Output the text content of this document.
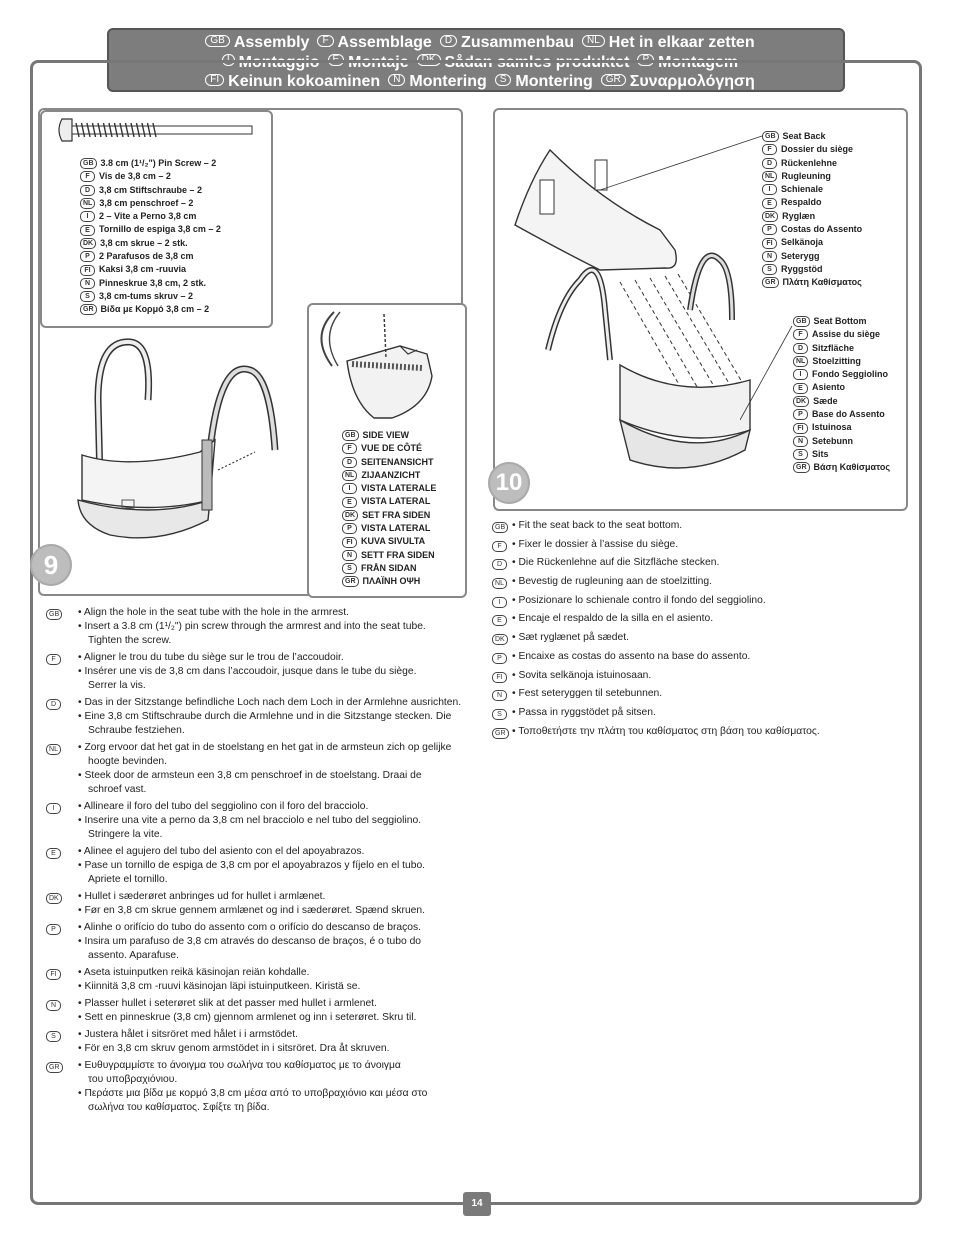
GB Assembly F Assemblage D Zusammenbau NL Het in elkaar zetten
I Montaggio E Montaje DK Sådan samles produktet P Montagem
FI Keinun kokoaminen N Montering S Montering GR Συναρμολόγηση
GB 3.8 cm (1¹/₂") Pin Screw – 2
F Vis de 3,8 cm – 2
D 3,8 cm Stiftschraube – 2
NL 3,8 cm penschroef – 2
I 2 – Vite a Perno 3,8 cm
E Tornillo de espiga 3,8 cm – 2
DK 3,8 cm skrue – 2 stk.
P 2 Parafusos de 3,8 cm
FI Kaksi 3,8 cm -ruuvia
N Pinneskrue 3,8 cm, 2 stk.
S 3,8 cm-tums skruv – 2
GR Βίδα με Κορμό 3,8 cm – 2
GB SIDE VIEW
F VUE DE CÔTÉ
D SEITENANSICHT
NL ZIJAANZICHT
I VISTA LATERALE
E VISTA LATERAL
DK SET FRA SIDEN
P VISTA LATERAL
FI KUVA SIVULTA
N SETT FRA SIDEN
S FRÅN SIDAN
GR ΠΛΑΪΝΗ ΟΨΗ
9
GB • Align the hole in the seat tube with the hole in the armrest.
• Insert a 3.8 cm (1¹/₂") pin screw through the armrest and into the seat tube.
Tighten the screw.
F	• Aligner le trou du tube du siège sur le trou de l’accoudoir.
• Insérer une vis de 3,8 cm dans l’accoudoir, jusque dans le tube du siège.
Serrer la vis.
D	• Das in der Sitzstange befindliche Loch nach dem Loch in der Armlehne ausrichten.
• Eine 3,8 cm Stiftschraube durch die Armlehne und in die Sitzstange stecken. Die
Schraube festziehen.
NL • Zorg ervoor dat het gat in de stoelstang en het gat in de armsteun zich op gelijke
hoogte bevinden.
• Steek door de armsteun een 3,8 cm penschroef in de stoelstang. Draai de
schroef vast.
I	• Allineare il foro del tubo del seggiolino con il foro del bracciolo.
• Inserire una vite a perno da 3,8 cm nel bracciolo e nel tubo del seggiolino.
Stringere la vite.
E	• Alinee el agujero del tubo del asiento con el del apoyabrazos.
• Pase un tornillo de espiga de 3,8 cm por el apoyabrazos y fíjelo en el tubo.
Apriete el tornillo.
DK • Hullet i sæderøret anbringes ud for hullet i armlænet.
• Før en 3,8 cm skrue gennem armlænet og ind i sæderøret. Spænd skruen.
P	• Alinhe o orifício do tubo do assento com o orifício do descanso de braços.
• Insira um parafuso de 3,8 cm através do descanso de braços, é o tubo do
assento. Aparafuse.
FI	• Aseta istuinputken reikä käsinojan reiän kohdalle.
• Kiinnitä 3,8 cm -ruuvi käsinojan läpi istuinputkeen. Kiristä se.
N	• Plasser hullet i seterøret slik at det passer med hullet i armlenet.
• Sett en pinneskrue (3,8 cm) gjennom armlenet og inn i seterøret. Skru til.
S	• Justera hålet i sitsröret med hålet i i armstödet.
• För en 3,8 cm skruv genom armstödet in i sitsröret. Dra åt skruven.
GR • Ευθυγραμμίστε το άνοιγμα του σωλήνα του καθίσματος με το άνοιγμα
του υποβραχιόνιου.
• Περάστε μια βίδα με κορμό 3,8 cm μέσα από το υποβραχιόνιο και μέσα στο
σωλήνα του καθίσματος. Σφίξτε τη βίδα.
GB Seat Back
F Dossier du siège
D Rückenlehne
NL Rugleuning
I Schienale
E Respaldo
DK Ryglæn
P Costas do Assento
FI Selkänoja
N Seterygg
S Ryggstöd
GR Πλάτη Καθίσματος
GB Seat Bottom
F Assise du siège
D Sitzfläche
NL Stoelzitting
I Fondo Seggiolino
E Asiento
DK Sæde
P Base do Assento
FI Istuinosa
N Setebunn
S Sits
GR Βάση Καθίσματος
10
GB • Fit the seat back to the seat bottom.
F	• Fixer le dossier à l’assise du siège.
D • Die Rückenlehne auf die Sitzfläche stecken.
NL • Bevestig de rugleuning aan de stoelzitting.
I	• Posizionare lo schienale contro il fondo del seggiolino.
E • Encaje el respaldo de la silla en el asiento.
DK • Sæt ryglænet på sædet.
P • Encaixe as costas do assento na base do assento.
FI • Sovita selkänoja istuinosaan.
N • Fest seteryggen til setebunnen.
S • Passa in ryggstödet på sitsen.
GR • Τοποθετήστε την πλάτη του καθίσματος στη βάση του καθίσματος.
14
